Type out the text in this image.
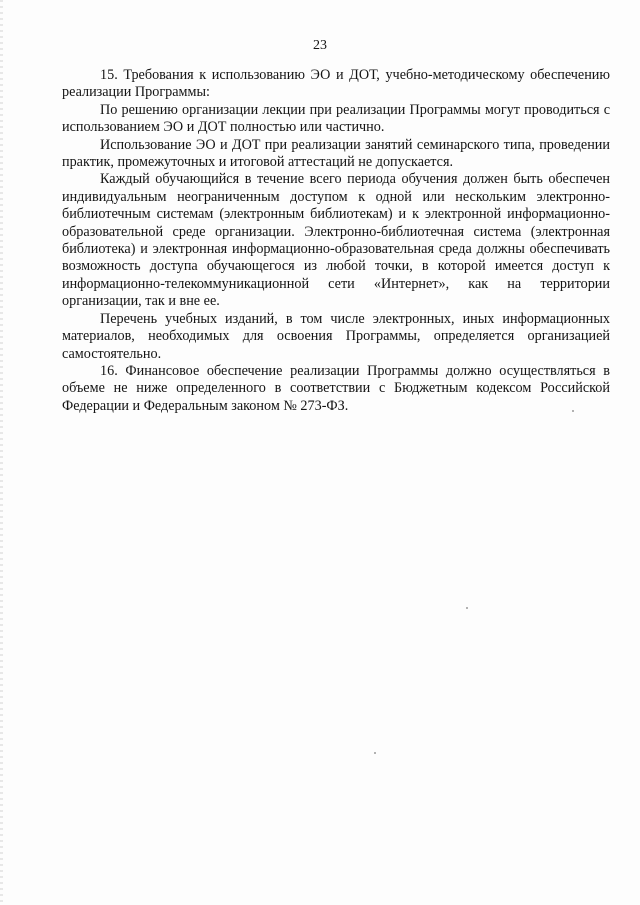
23

15. Требования к использованию ЭО и ДОТ, учебно-методическому обеспечению реализации Программы:

По решению организации лекции при реализации Программы могут проводиться с использованием ЭО и ДОТ полностью или частично.

Использование ЭО и ДОТ при реализации занятий семинарского типа, проведении практик, промежуточных и итоговой аттестаций не допускается.

Каждый обучающийся в течение всего периода обучения должен быть обеспечен индивидуальным неограниченным доступом к одной или нескольким электронно-библиотечным системам (электронным библиотекам) и к электронной информационно-образовательной среде организации. Электронно-библиотечная система (электронная библиотека) и электронная информационно-образовательная среда должны обеспечивать возможность доступа обучающегося из любой точки, в которой имеется доступ к информационно-телекоммуникационной сети «Интернет», как на территории организации, так и вне ее.

Перечень учебных изданий, в том числе электронных, иных информационных материалов, необходимых для освоения Программы, определяется организацией самостоятельно.

16. Финансовое обеспечение реализации Программы должно осуществляться в объеме не ниже определенного в соответствии с Бюджетным кодексом Российской Федерации и Федеральным законом № 273-ФЗ.
